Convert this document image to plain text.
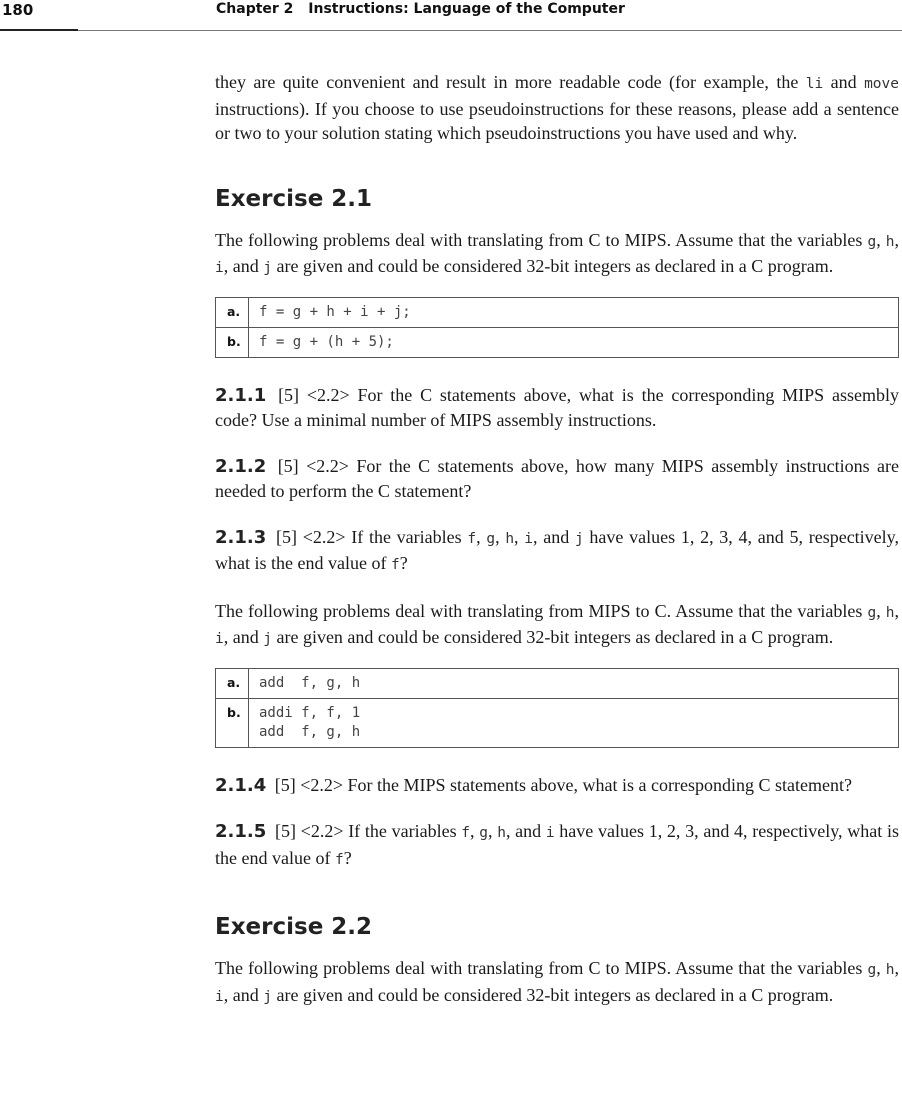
180	Chapter 2 Instructions: Language of the Computer

they are quite convenient and result in more readable code (for example, the li and move instructions). If you choose to use pseudoinstructions for these reasons, please add a sentence or two to your solution stating which pseudoinstructions you have used and why.

Exercise 2.1

The following problems deal with translating from C to MIPS. Assume that the variables g, h, i, and j are given and could be considered 32-bit integers as declared in a C program.

a.	f = g + h + i + j;
b.	f = g + (h + 5);

2.1.1 [5] <2.2> For the C statements above, what is the corresponding MIPS assembly code? Use a minimal number of MIPS assembly instructions.

2.1.2 [5] <2.2> For the C statements above, how many MIPS assembly instructions are needed to perform the C statement?

2.1.3 [5] <2.2> If the variables f, g, h, i, and j have values 1, 2, 3, 4, and 5, respectively, what is the end value of f?

The following problems deal with translating from MIPS to C. Assume that the variables g, h, i, and j are given and could be considered 32-bit integers as declared in a C program.

a.	add  f, g, h
b.	addi f, f, 1
add  f, g, h

2.1.4 [5] <2.2> For the MIPS statements above, what is a corresponding C statement?

2.1.5 [5] <2.2> If the variables f, g, h, and i have values 1, 2, 3, and 4, respectively, what is the end value of f?

Exercise 2.2

The following problems deal with translating from C to MIPS. Assume that the variables g, h, i, and j are given and could be considered 32-bit integers as declared in a C program.
